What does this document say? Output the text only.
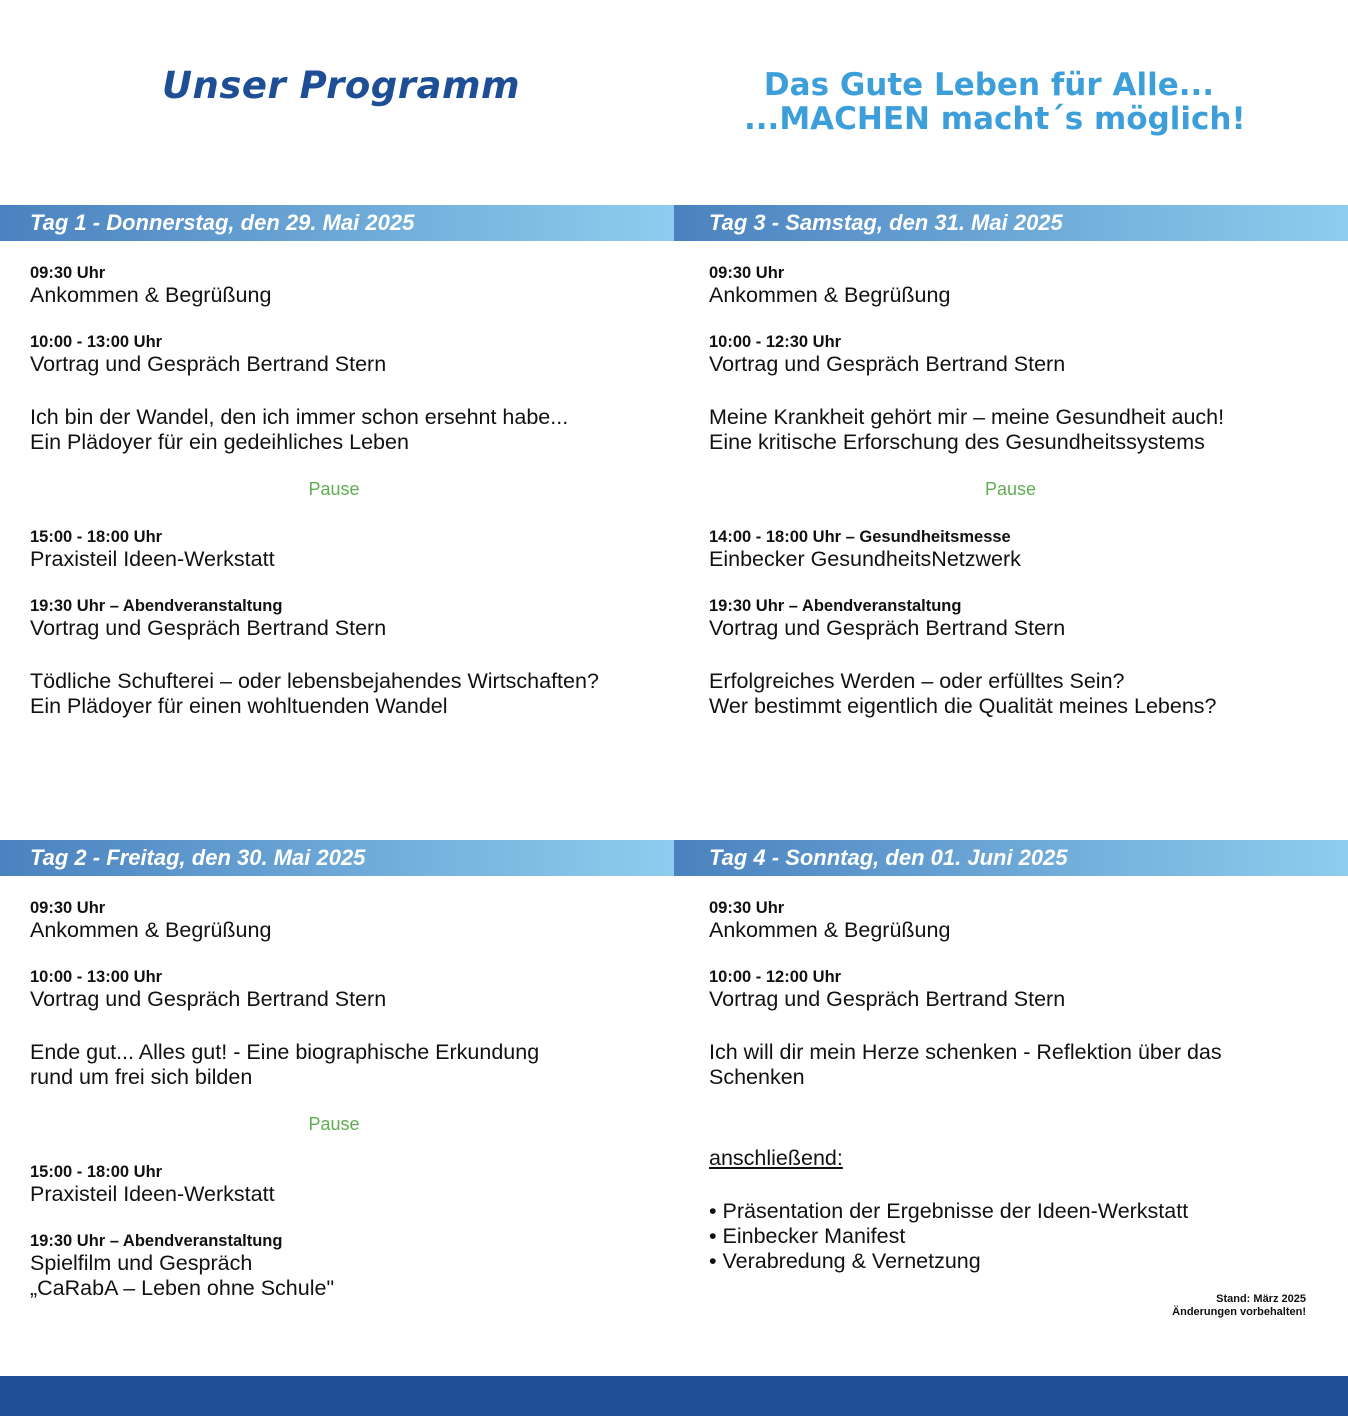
Unser Programm	Das Gute Leben für Alle...
...MACHEN macht´s möglich!
Tag 1 - Donnerstag, den 29. Mai 2025
09:30 Uhr
Ankommen & Begrüßung
10:00 - 13:00 Uhr
Vortrag und Gespräch Bertrand Stern
Ich bin der Wandel, den ich immer schon ersehnt habe...
Ein Plädoyer für ein gedeihliches Leben
Pause
15:00 - 18:00 Uhr
Praxisteil Ideen-Werkstatt
19:30 Uhr – Abendveranstaltung
Vortrag und Gespräch Bertrand Stern
Tödliche Schufterei – oder lebensbejahendes Wirtschaften?
Ein Plädoyer für einen wohltuenden Wandel
Tag 3 - Samstag, den 31. Mai 2025
09:30 Uhr
Ankommen & Begrüßung
10:00 - 12:30 Uhr
Vortrag und Gespräch Bertrand Stern
Meine Krankheit gehört mir – meine Gesundheit auch!
Eine kritische Erforschung des Gesundheitssystems
Pause
14:00 - 18:00 Uhr – Gesundheitsmesse
Einbecker GesundheitsNetzwerk
19:30 Uhr – Abendveranstaltung
Vortrag und Gespräch Bertrand Stern
Erfolgreiches Werden – oder erfülltes Sein?
Wer bestimmt eigentlich die Qualität meines Lebens?
Tag 2 - Freitag, den 30. Mai 2025
09:30 Uhr
Ankommen & Begrüßung
10:00 - 13:00 Uhr
Vortrag und Gespräch Bertrand Stern
Ende gut... Alles gut! - Eine biographische Erkundung
rund um frei sich bilden
Pause
15:00 - 18:00 Uhr
Praxisteil Ideen-Werkstatt
19:30 Uhr – Abendveranstaltung
Spielfilm und Gespräch
„CaRabA – Leben ohne Schule"
Tag 4 - Sonntag, den 01. Juni 2025
09:30 Uhr
Ankommen & Begrüßung
10:00 - 12:00 Uhr
Vortrag und Gespräch Bertrand Stern
Ich will dir mein Herze schenken - Reflektion über das
Schenken
anschließend:
• Präsentation der Ergebnisse der Ideen-Werkstatt
• Einbecker Manifest
• Verabredung & Vernetzung
Stand: März 2025
Änderungen vorbehalten!
